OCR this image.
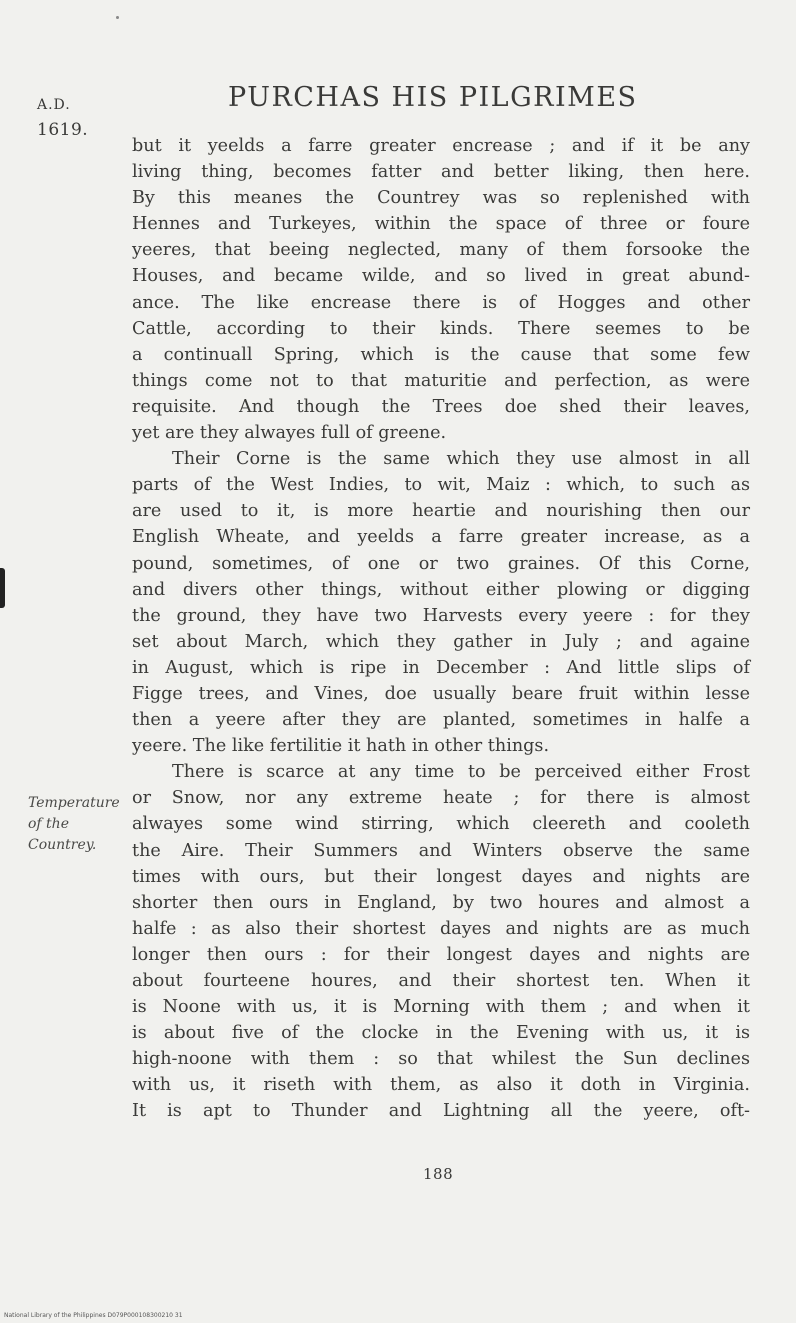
A.D.
1619.
PURCHAS HIS PILGRIMES
but it yeelds a farre greater encrease ; and if it be any
living thing, becomes fatter and better liking, then here.
By this meanes the Countrey was so replenished with
Hennes and Turkeyes, within the space of three or foure
yeeres, that beeing neglected, many of them forsooke the
Houses, and became wilde, and so lived in great abund-
ance. The like encrease there is of Hogges and other
Cattle, according to their kinds. There seemes to be
a continuall Spring, which is the cause that some few
things come not to that maturitie and perfection, as were
requisite. And though the Trees doe shed their leaves,
yet are they alwayes full of greene.
Their Corne is the same which they use almost in all
parts of the West Indies, to wit, Maiz : which, to such as
are used to it, is more heartie and nourishing then our
English Wheate, and yeelds a farre greater increase, as a
pound, sometimes, of one or two graines. Of this Corne,
and divers other things, without either plowing or digging
the ground, they have two Harvests every yeere : for they
set about March, which they gather in July ; and againe
in August, which is ripe in December : And little slips of
Figge trees, and Vines, doe usually beare fruit within lesse
then a yeere after they are planted, sometimes in halfe a
yeere. The like fertilitie it hath in other things.
There is scarce at any time to be perceived either Frost
or Snow, nor any extreme heate ; for there is almost
alwayes some wind stirring, which cleereth and cooleth
the Aire. Their Summers and Winters observe the same
times with ours, but their longest dayes and nights are
shorter then ours in England, by two houres and almost a
halfe : as also their shortest dayes and nights are as much
longer then ours : for their longest dayes and nights are
about fourteene houres, and their shortest ten. When it
is Noone with us, it is Morning with them ; and when it
is about five of the clocke in the Evening with us, it is
high-noone with them : so that whilest the Sun declines
with us, it riseth with them, as also it doth in Virginia.
It is apt to Thunder and Lightning all the yeere, oft-
Temperature
of the
Countrey.
188
National Library of the Philippines D079P000108300210 31
